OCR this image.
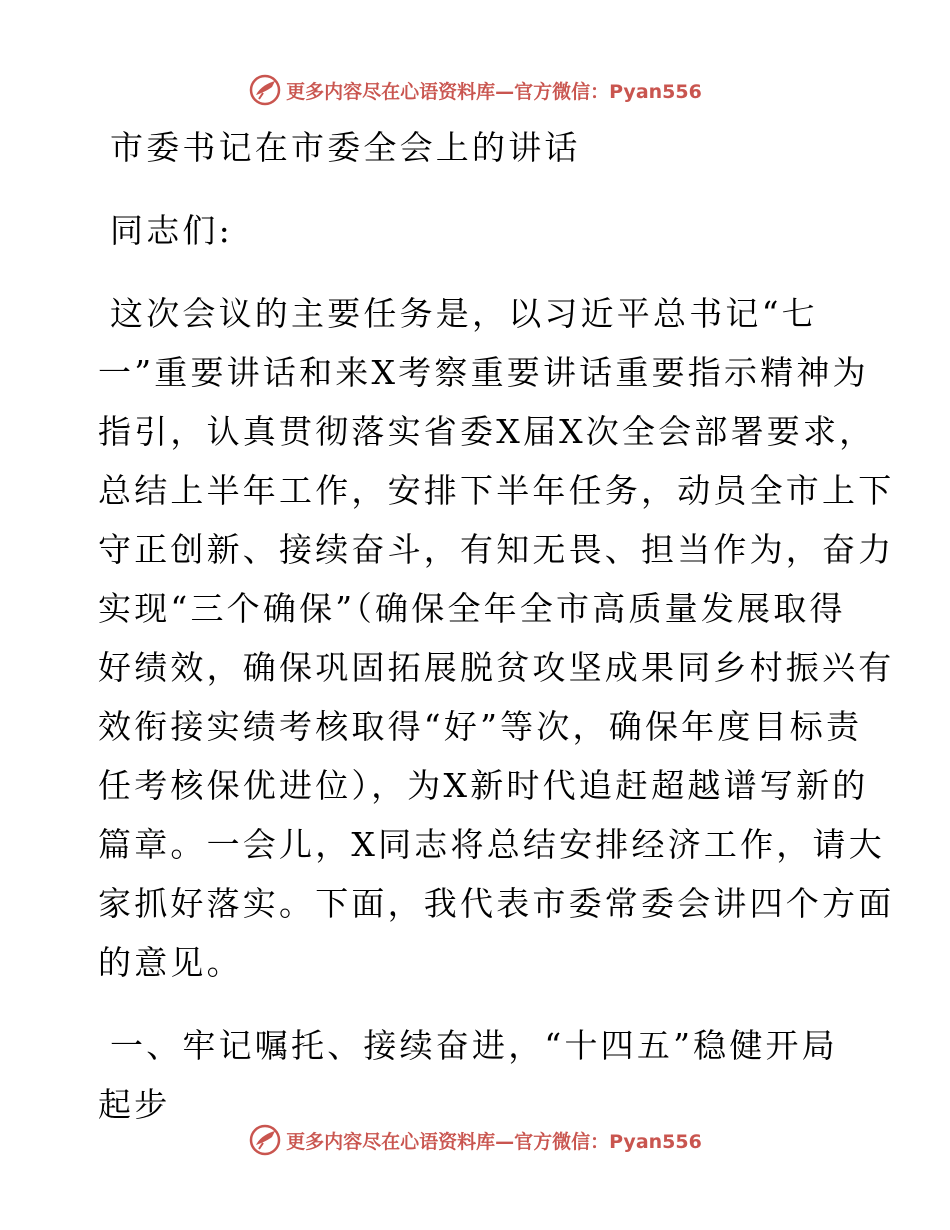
更多内容尽在心语资料库—官方微信：Pyan556
市委书记在市委全会上的讲话
同志们:
这次会议的主要任务是，以习近平总书记“七
一”重要讲话和来X考察重要讲话重要指示精神为
指引，认真贯彻落实省委X届X次全会部署要求，
总结上半年工作，安排下半年任务，动员全市上下
守正创新、接续奋斗，有知无畏、担当作为，奋力
实现“三个确保”（确保全年全市高质量发展取得
好绩效，确保巩固拓展脱贫攻坚成果同乡村振兴有
效衔接实绩考核取得“好”等次，确保年度目标责
任考核保优进位），为X新时代追赶超越谱写新的
篇章。一会儿，X同志将总结安排经济工作，请大
家抓好落实。下面，我代表市委常委会讲四个方面
的意见。
一、牢记嘱托、接续奋进，“十四五”稳健开局
起步
更多内容尽在心语资料库—官方微信：Pyan556
